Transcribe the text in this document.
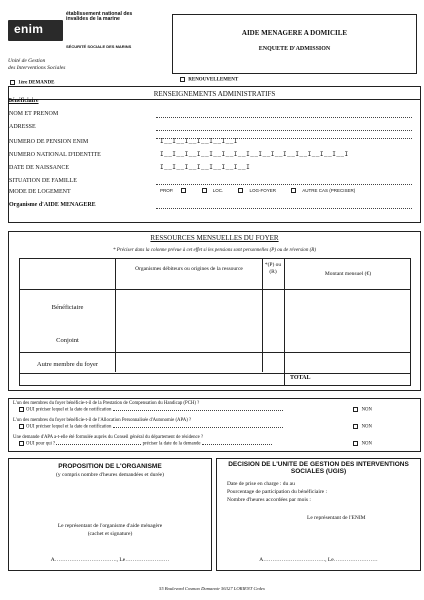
enim
établissement national des invalides de la marine
SÉCURITÉ SOCIALE DES MARINS
Unité de Gestion
des Interventions Sociales
AIDE MENAGERE A DOMICILE
ENQUETE D'ADMISSION
1ère DEMANDE
RENOUVELLEMENT
RENSEIGNEMENTS ADMINISTRATIFS
Bénéficiaire
NOM ET PRENOM
ADRESSE
NUMERO DE PENSION ENIM	I__I__I__I__I__I__I
NUMERO NATIONAL D'IDENTITE	I__I__I__I__I__I__I__I__I__I__I__I__I__I__I__I
DATE DE NAISSANCE	I__I__I__I__I__I__I__I
SITUATION DE FAMILLE
MODE DE LOGEMENT	PROP.	LOC.	LOG-FOYER	AUTRE CAS (PRECISER)
Organisme d'AIDE MENAGERE
RESSOURCES MENSUELLES DU FOYER
* Préciser dans la colonne prévue à cet effet si les pensions sont personnelles (P) ou de réversion (R)
Organismes débiteurs ou origines de la ressource
*(P) ou (R)	Montant mensuel (€)
Bénéficiaire
Conjoint
Autre membre du foyer
TOTAL
L'un des membres du foyer bénéficie-t-il de la Prestation de Compensation du Handicap (PCH) ?
OUI préciser lequel et la date de notification	NON
L'un des membres du foyer bénéficie-t-il de l'Allocation Personnalisée d'Autonomie (APA) ?
OUI préciser lequel et la date de notification	NON
Une demande d'APA a-t-elle été formulée auprès du Conseil général du département de résidence ?
OUI pour qui ?	préciser la date de la demande	NON
PROPOSITION DE L'ORGANISME
(y compris nombre d'heures demandées et durée)
Le représentant de l'organisme d'aide ménagère
(cachet et signature)
A……………………………., Le……………………
DECISION DE L'UNITE DE GESTION DES INTERVENTIONS SOCIALES (UGIS)
Date de prise en charge : du au
Pourcentage de participation du bénéficiaire :
Nombre d'heures accordées par mois :
Le représentant de l'ENIM
A……………………………., Le……………………
55 Boulevard Cosmao Dumanoir 56327 LORIENT Cedex
